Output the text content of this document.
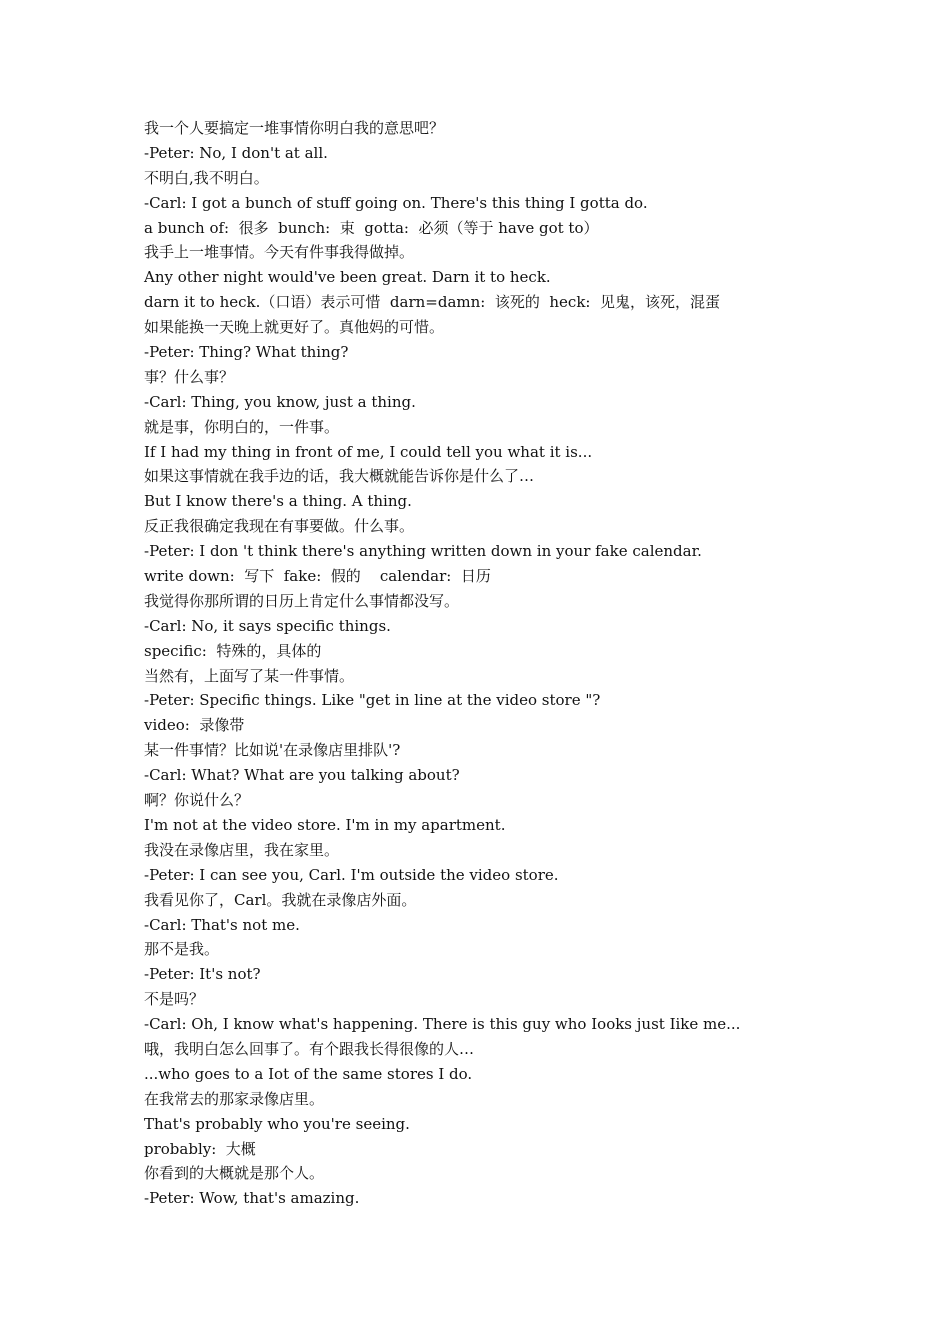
我一个人要搞定一堆事情你明白我的意思吧？
-Peter: No, I don't at all.
不明白,我不明白。
-Carl: I got a bunch of stuff going on. There's this thing I gotta do.
a bunch of:  很多  bunch:  束  gotta:  必须（等于 have got to）
我手上一堆事情。今天有件事我得做掉。
Any other night would've been great. Darn it to heck.
darn it to heck.（口语）表示可惜  darn=damn:  该死的  heck:  见鬼，该死，混蛋
如果能换一天晚上就更好了。真他妈的可惜。
-Peter: Thing? What thing?
事？什么事？
-Carl: Thing, you know, just a thing.
就是事，你明白的，一件事。
If I had my thing in front of me, I could tell you what it is...
如果这事情就在我手边的话，我大概就能告诉你是什么了…
But I know there's a thing. A thing.
反正我很确定我现在有事要做。什么事。
-Peter: I don 't think there's anything written down in your fake calendar.
write down:  写下  fake:  假的    calendar:  日历
我觉得你那所谓的日历上肯定什么事情都没写。
-Carl: No, it says specific things.
specific:  特殊的，具体的
当然有，上面写了某一件事情。
-Peter: Specific things. Like "get in line at the video store "?
video:  录像带
某一件事情？比如说'在录像店里排队'?
-Carl: What? What are you talking about?
啊？你说什么？
I'm not at the video store. I'm in my apartment.
我没在录像店里，我在家里。
-Peter: I can see you, Carl. I'm outside the video store.
我看见你了，Carl。我就在录像店外面。
-Carl: That's not me.
那不是我。
-Peter: It's not?
不是吗？
-Carl: Oh, I know what's happening. There is this guy who Iooks just Iike me...
哦，我明白怎么回事了。有个跟我长得很像的人…
...who goes to a Iot of the same stores I do.
在我常去的那家录像店里。
That's probably who you're seeing.
probably:  大概
你看到的大概就是那个人。
-Peter: Wow, that's amazing.
